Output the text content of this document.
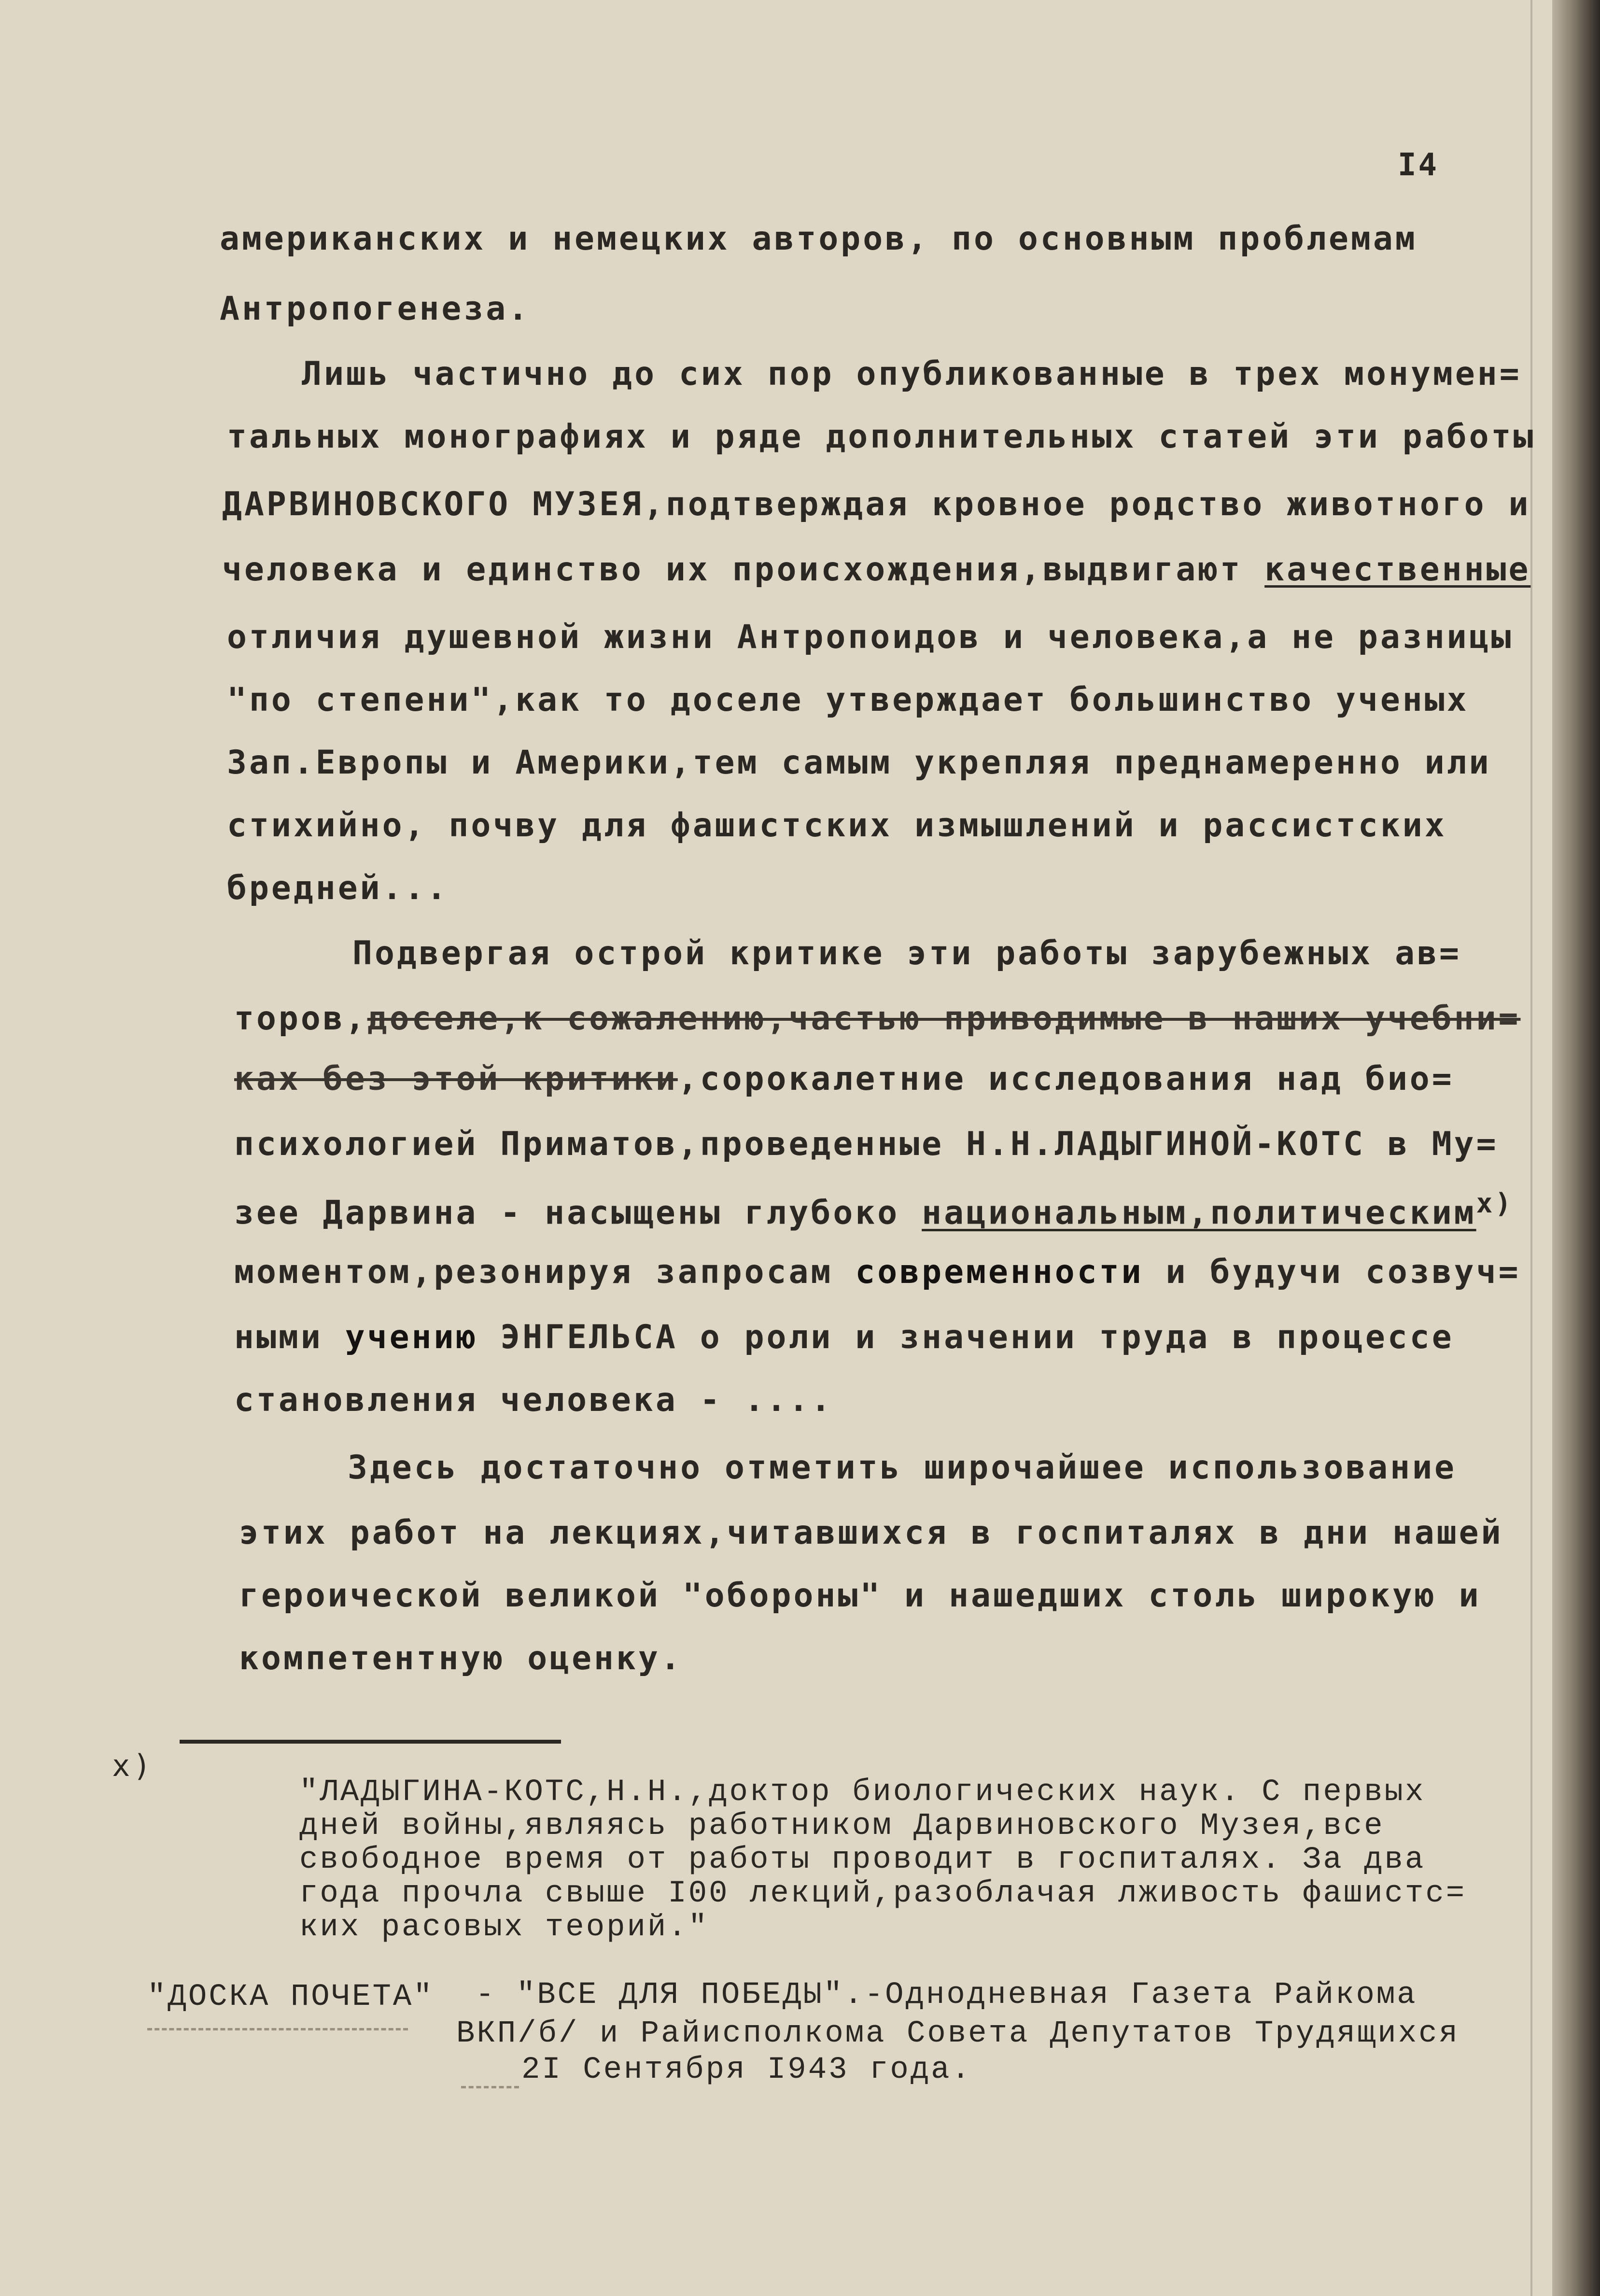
I4
американских и немецких авторов, по основным проблемам
Антропогенеза.
Лишь частично до сих пор опубликованные в трех монумен=
тальных монографиях и ряде дополнительных статей эти работы
ДАРВИНОВСКОГО МУЗЕЯ,подтверждая кровное родство животного и
человека и единство их происхождения,выдвигают качественные
отличия душевной жизни Антропоидов и человека,а не разницы
"по степени",как то доселе утверждает большинство ученых
Зап.Европы и Америки,тем самым укрепляя преднамеренно или
стихийно, почву для фашистских измышлений и рассистских
бредней...
Подвергая острой критике эти работы зарубежных ав=
торов,доселе,к сожалению,частью приводимые в наших учебни=
ках без этой критики,сорокалетние исследования над био=
психологией Приматов,проведенные Н.Н.ЛАДЫГИНОЙ-КОТС в Му=
зее Дарвина - насыщены глубоко национальным,политическим$^{x)}$
моментом,резонируя запросам современности и будучи созвуч=
ными учению ЭНГЕЛЬСА о роли и значении труда в процессе
становления человека - ....
Здесь достаточно отметить широчайшее использование
этих работ на лекциях,читавшихся в госпиталях в дни нашей
героической великой "обороны" и нашедших столь широкую и
компетентную оценку.
x)
"ЛАДЫГИНА-КОТС,Н.Н.,доктор биологических наук. С первых
дней войны,являясь работником Дарвиновского Музея,все
свободное время от работы проводит в госпиталях. За два
года прочла свыше I00 лекций,разоблачая лживость фашистс=
ких расовых теорий."
"ДОСКА ПОЧЕТА" - "ВСЕ ДЛЯ ПОБЕДЫ".-Однодневная Газета Райкома
ВКП/б/ и Райисполкома Совета Депутатов Трудящихся
2I Сентября I943 года.
